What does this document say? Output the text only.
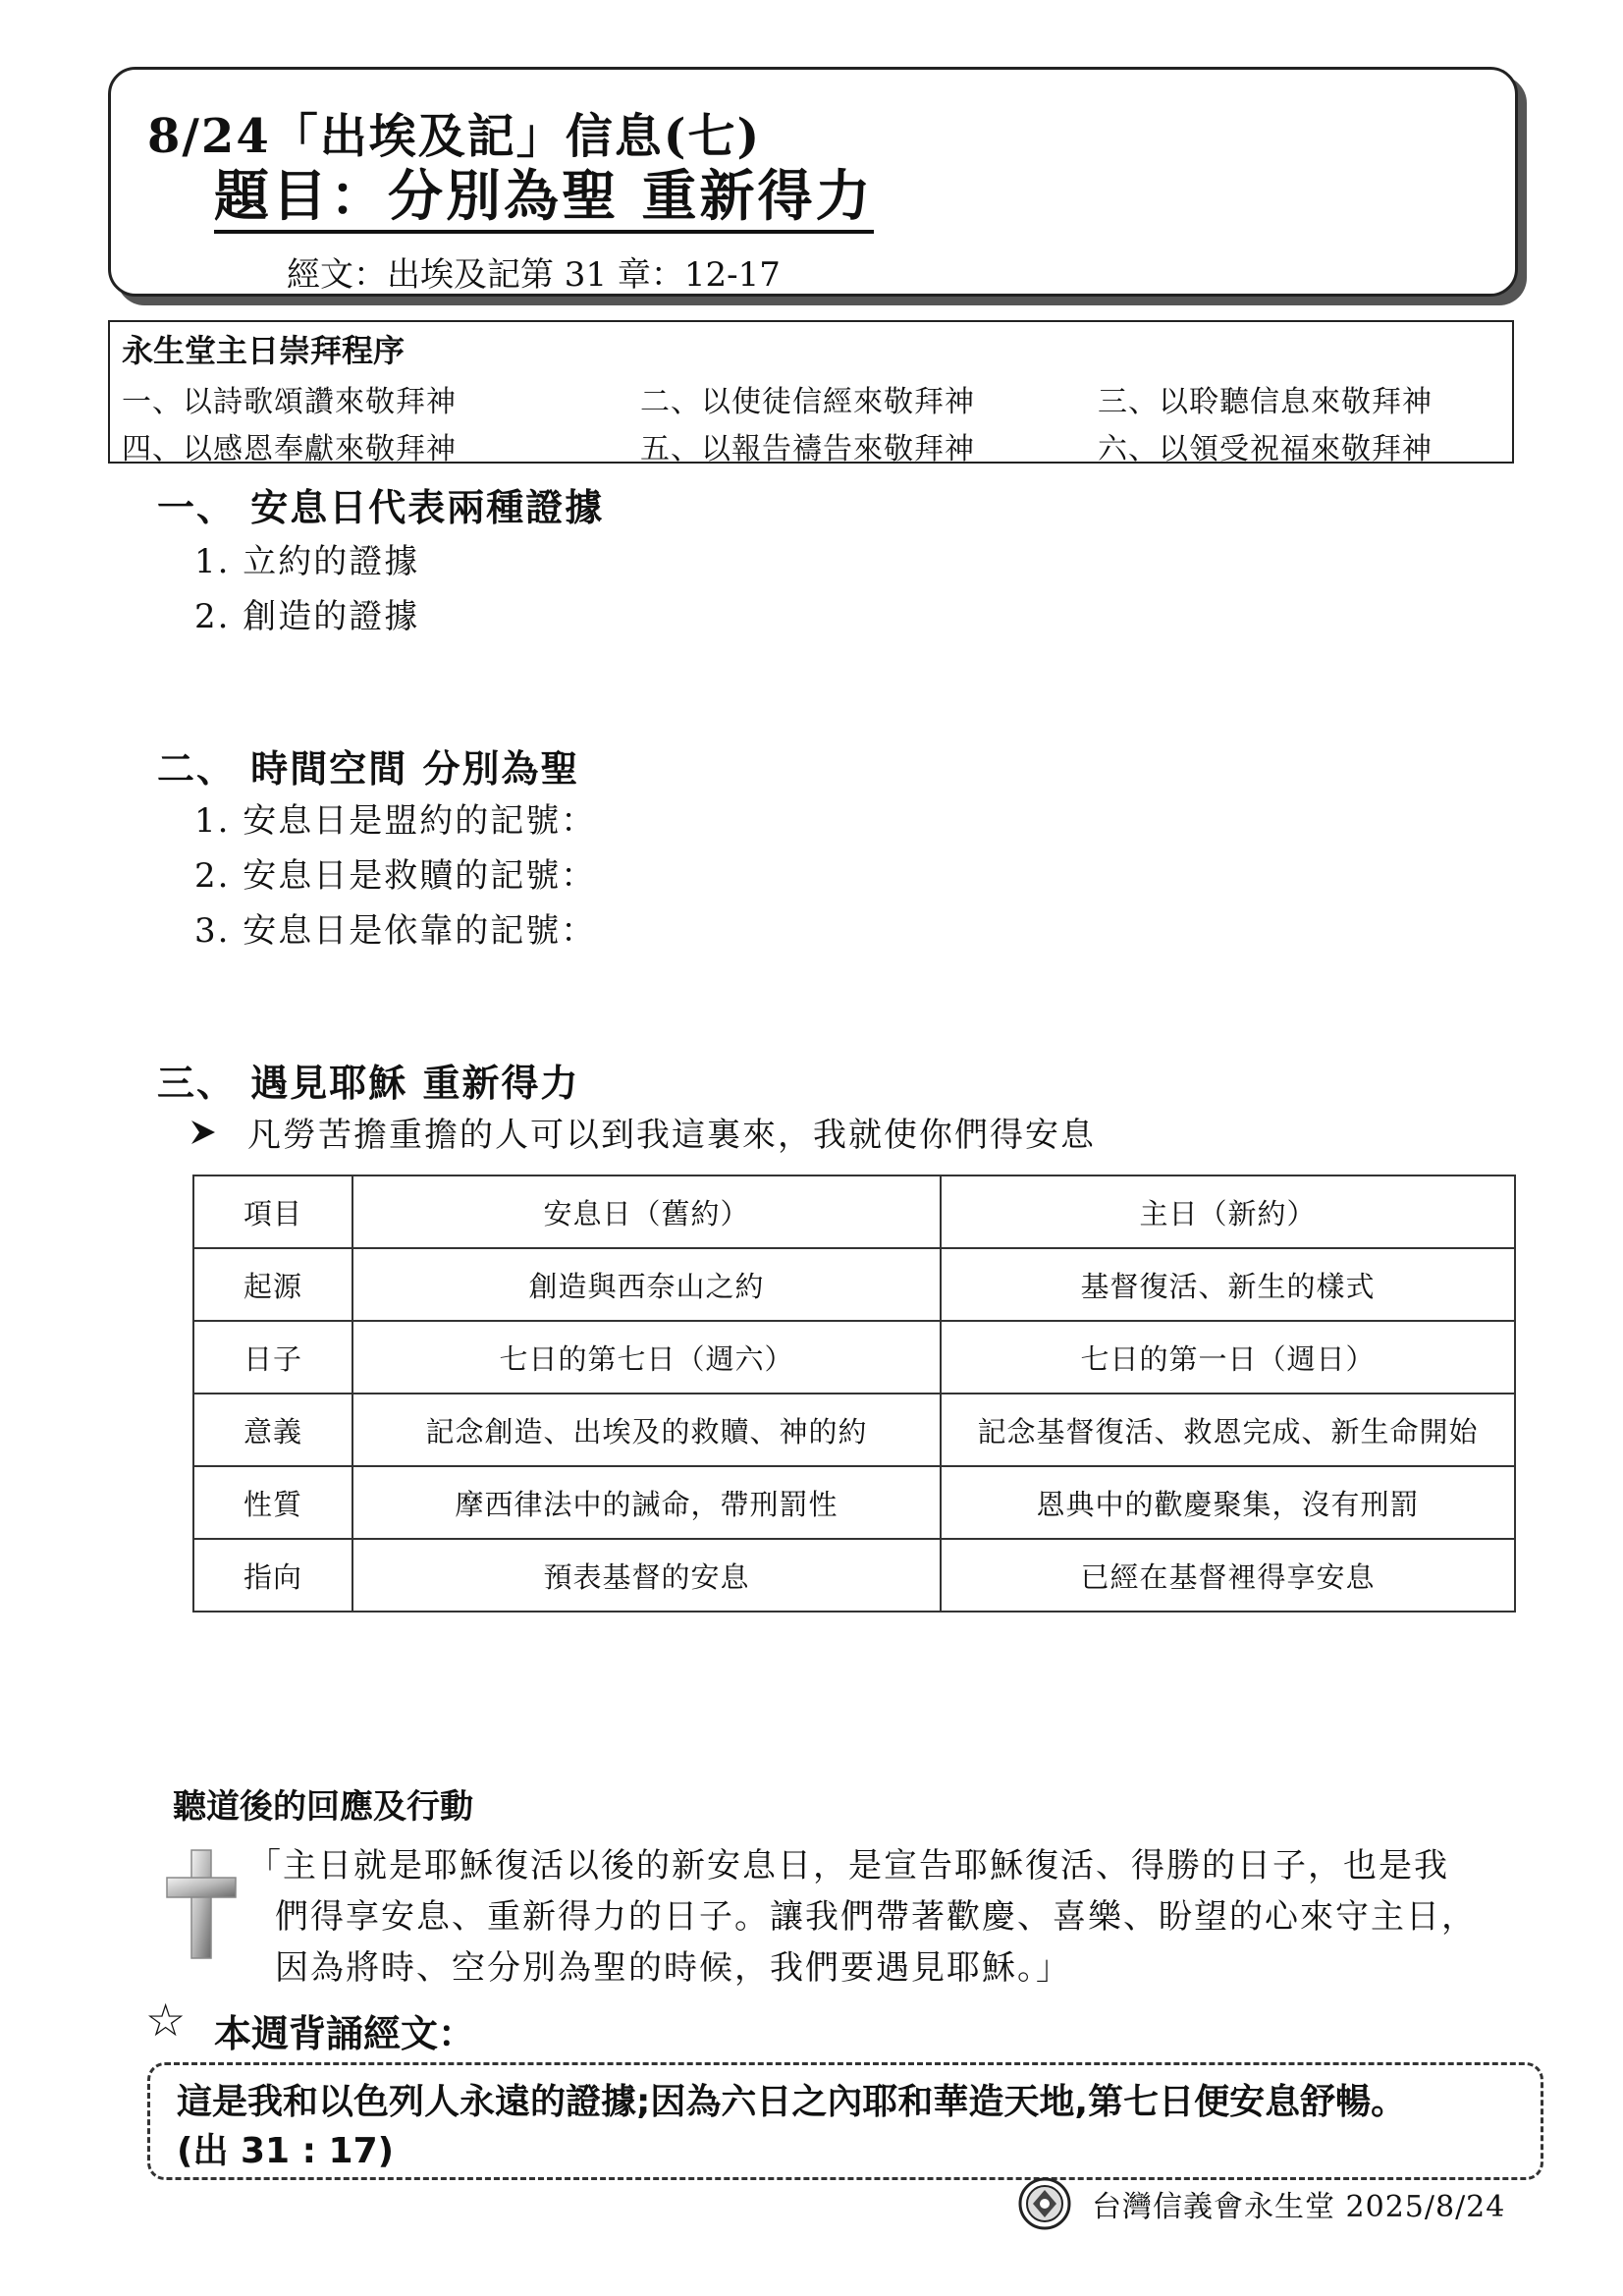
8/24「出埃及記」信息(七)
題目：分別為聖 重新得力
經文：出埃及記第 31 章：12-17
永生堂主日崇拜程序
一、以詩歌頌讚來敬拜神	二、以使徒信經來敬拜神	三、以聆聽信息來敬拜神
四、以感恩奉獻來敬拜神	五、以報告禱告來敬拜神	六、以領受祝福來敬拜神
一、 安息日代表兩種證據
1. 立約的證據
2. 創造的證據
二、 時間空間 分別為聖
1. 安息日是盟約的記號：
2. 安息日是救贖的記號：
3. 安息日是依靠的記號：
三、 遇見耶穌 重新得力
凡勞苦擔重擔的人可以到我這裏來，我就使你們得安息
項目	安息日（舊約）	主日（新約）
起源	創造與西奈山之約	基督復活、新生的樣式
日子	七日的第七日（週六）	七日的第一日（週日）
意義	記念創造、出埃及的救贖、神的約	記念基督復活、救恩完成、新生命開始
性質	摩西律法中的誡命，帶刑罰性	恩典中的歡慶聚集，沒有刑罰
指向	預表基督的安息	已經在基督裡得享安息
聽道後的回應及行動
「主日就是耶穌復活以後的新安息日，是宣告耶穌復活、得勝的日子，也是我
們得享安息、重新得力的日子。讓我們帶著歡慶、喜樂、盼望的心來守主日，
因為將時、空分別為聖的時候，我們要遇見耶穌。」
☆ 本週背誦經文：
這是我和以色列人永遠的證據;因為六日之內耶和華造天地,第七日便安息舒暢。
(出 31 : 17)
台灣信義會永生堂 2025/8/24
